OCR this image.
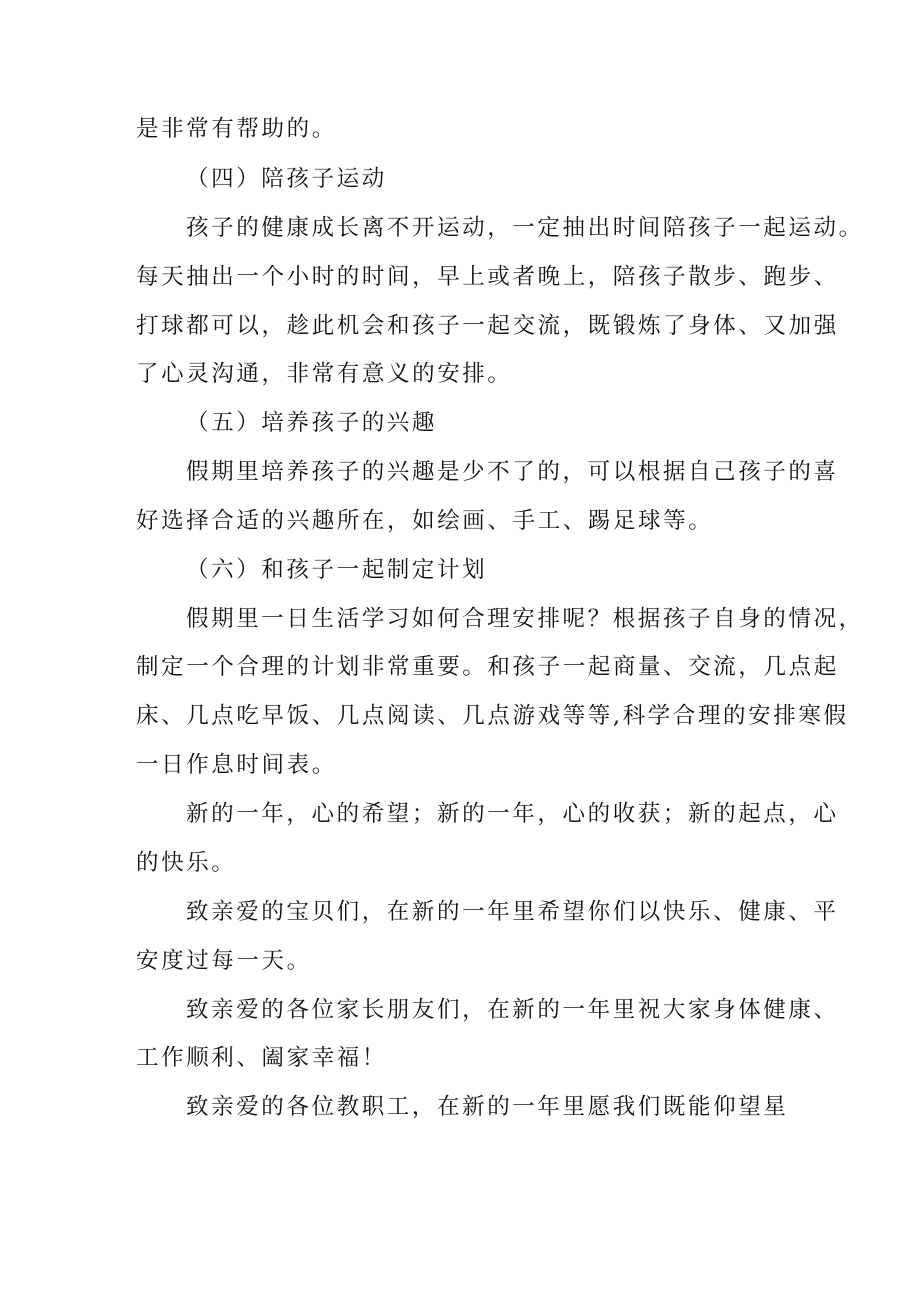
是非常有帮助的。

（四）陪孩子运动

孩子的健康成长离不开运动，一定抽出时间陪孩子一起运动。

每天抽出一个小时的时间，早上或者晚上，陪孩子散步、跑步、

打球都可以，趁此机会和孩子一起交流，既锻炼了身体、又加强

了心灵沟通，非常有意义的安排。

（五）培养孩子的兴趣

假期里培养孩子的兴趣是少不了的，可以根据自己孩子的喜

好选择合适的兴趣所在，如绘画、手工、踢足球等。

（六）和孩子一起制定计划

假期里一日生活学习如何合理安排呢？根据孩子自身的情况，

制定一个合理的计划非常重要。和孩子一起商量、交流，几点起

床、几点吃早饭、几点阅读、几点游戏等等,科学合理的安排寒假

一日作息时间表。

新的一年，心的希望；新的一年，心的收获；新的起点，心

的快乐。

致亲爱的宝贝们，在新的一年里希望你们以快乐、健康、平

安度过每一天。

致亲爱的各位家长朋友们，在新的一年里祝大家身体健康、

工作顺利、阖家幸福！

致亲爱的各位教职工，在新的一年里愿我们既能仰望星
